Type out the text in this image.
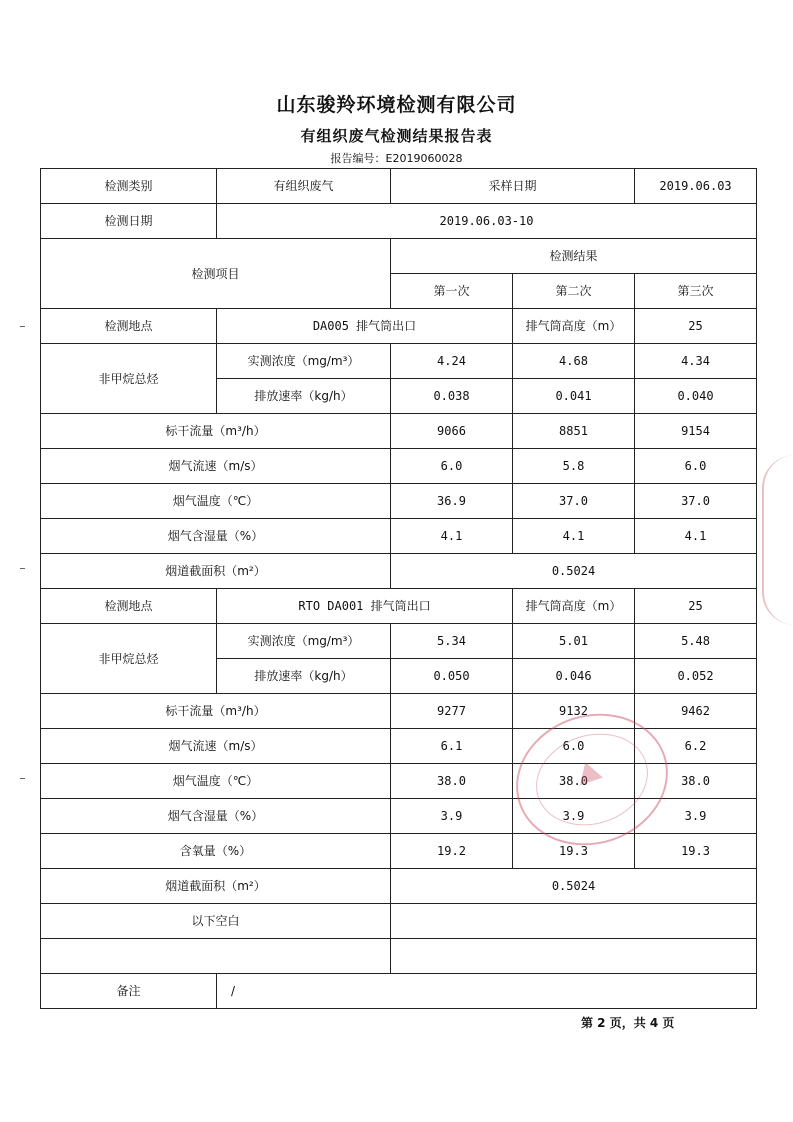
山东骏羚环境检测有限公司
有组织废气检测结果报告表
报告编号：E2019060028
检测类别	有组织废气	采样日期		2019.06.03
检测日期	2019.06.03-10			
检测项目		检测结果		
		第一次	第二次	第三次
检测地点	DA005 排气筒出口		排气筒高度（m）	25
非甲烷总烃	实测浓度（mg/m³）	4.24	4.68	4.34
	排放速率（kg/h）	0.038	0.041	0.040
标干流量（m³/h）		9066	8851	9154
烟气流速（m/s）		6.0	5.8	6.0
烟气温度（℃）		36.9	37.0	37.0
烟气含湿量（%）		4.1	4.1	4.1
烟道截面积（m²）		0.5024		
检测地点	RTO DA001 排气筒出口		排气筒高度（m）	25
非甲烷总烃	实测浓度（mg/m³）	5.34	5.01	5.48
	排放速率（kg/h）	0.050	0.046	0.052
标干流量（m³/h）		9277	9132	9462
烟气流速（m/s）		6.1	6.0	6.2
烟气温度（℃）		38.0	38.0	38.0
烟气含湿量（%）		3.9	3.9	3.9
含氧量（%）		19.2	19.3	19.3
烟道截面积（m²）		0.5024		
以下空白				

备注	/			
第 2 页，共 4 页
